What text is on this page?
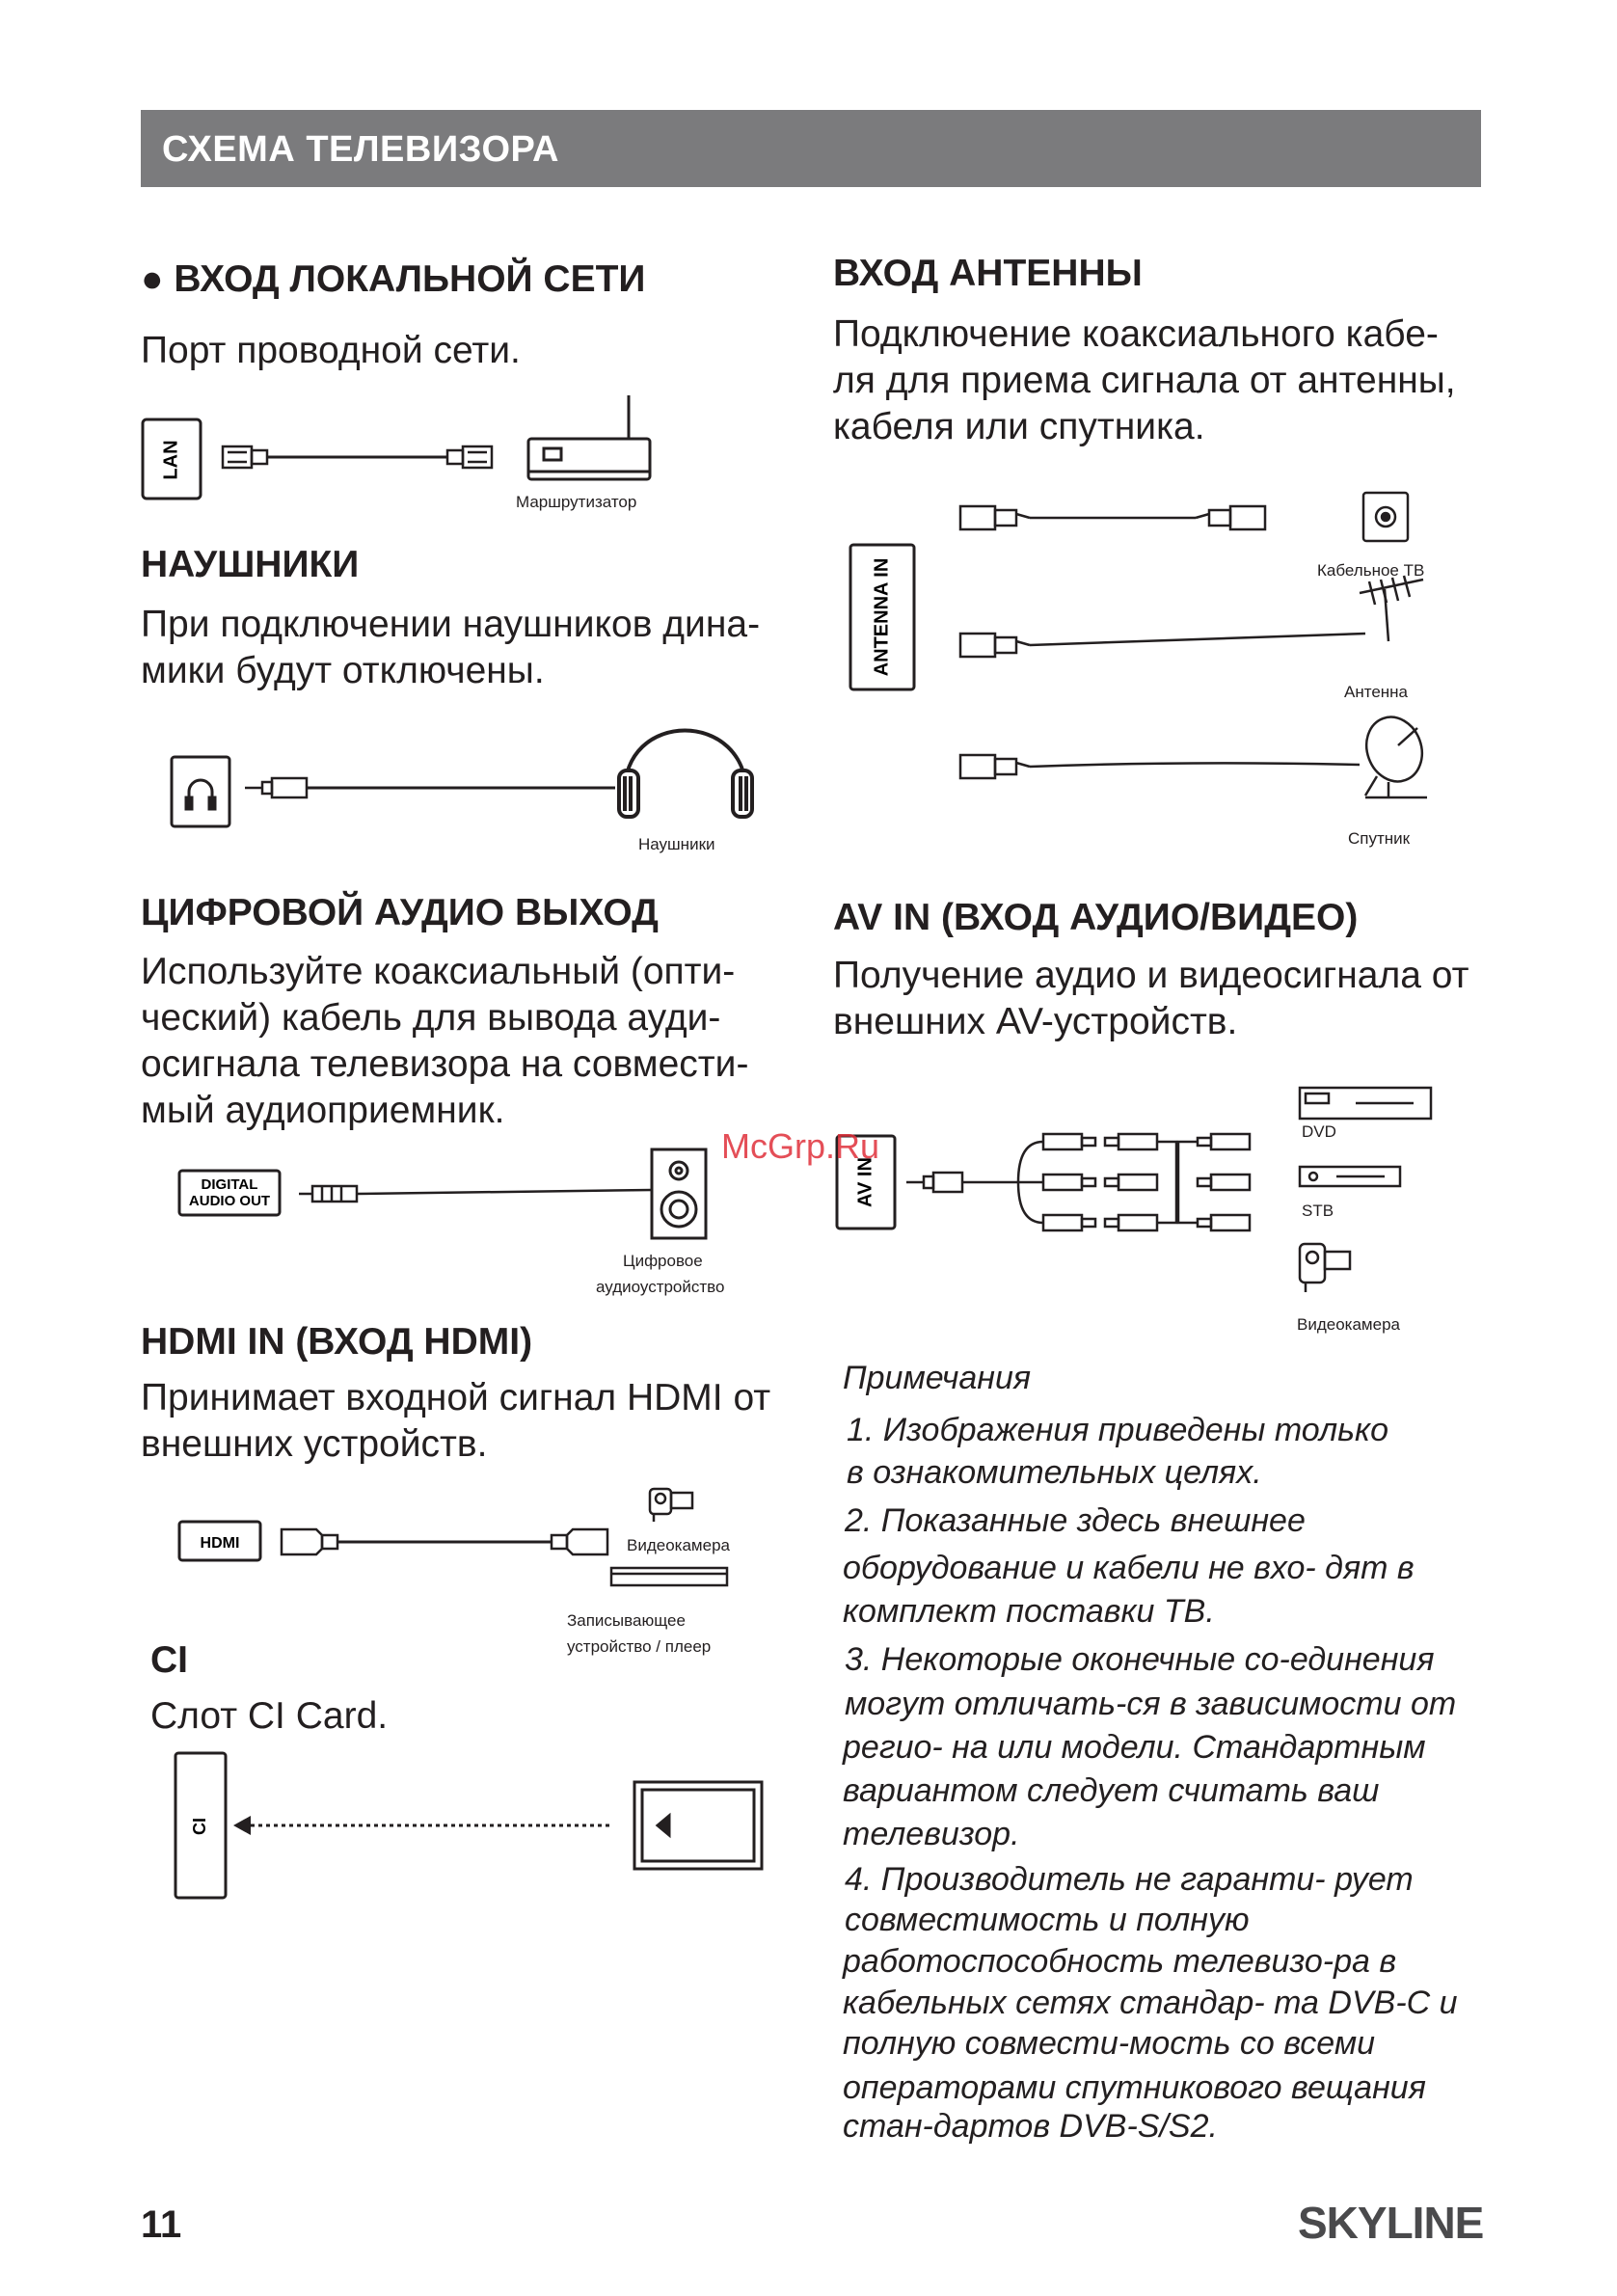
СХЕМА ТЕЛЕВИЗОРА
● ВХОД ЛОКАЛЬНОЙ СЕТИ
Порт проводной сети.
LAN
Маршрутизатор
НАУШНИКИ
При подключении наушников дина-
мики будут отключены.
Наушники
ЦИФРОВОЙ АУДИО ВЫХОД
Используйте коаксиальный (опти-
ческий) кабель для вывода ауди-
осигнала телевизора на совмести-
мый аудиоприемник.
DIGITAL
AUDIO OUT
Цифровое
аудиоустройство
HDMI IN (ВХОД HDMI)
Принимает входной сигнал HDMI от
внешних устройств.
HDMI	Видеокамера
Записывающее
устройство / плеер
CI
Слот CI Card.
CI
ВХОД АНТЕННЫ
Подключение коаксиального кабе-
ля для приема сигнала от антенны,
кабеля или спутника.
ANTENNA IN	Кабельное ТВ
Антенна
Спутник
AV IN (ВХОД АУДИО/ВИДЕО)
Получение аудио и видеосигнала от
внешних AV-устройств.
AV IN
DVD
STB
Видеокамера
McGrp.Ru
Примечания
1. Изображения приведены только
в ознакомительных целях.
2. Показанные здесь внешнее
оборудование и кабели не вхо- дят в
комплект поставки ТВ.
3. Некоторые оконечные со-единения
могут отличать-ся в зависимости от
регио- на или модели. Стандартным
вариантом следует считать ваш
телевизор.
4. Производитель не гаранти- рует
совместимость и полную
работоспособность телевизо-ра в
кабельных сетях стандар- та DVB-C и
полную совмести-мость со всеми
операторами спутникового вещания
стан-дартов DVB-S/S2.
11	SKYLINE
